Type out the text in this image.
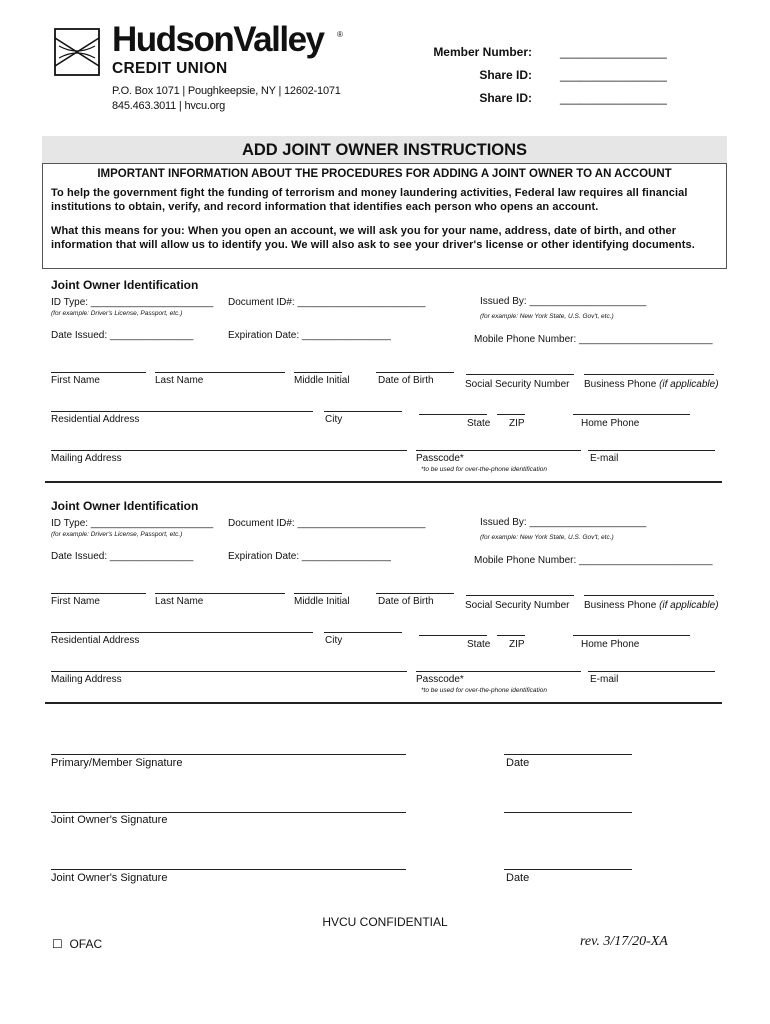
HudsonValley ®
CREDIT UNION
P.O. Box 1071 | Poughkeepsie, NY | 12602-1071
845.463.3011 | hvcu.org
Member Number: ________________
Share ID: ________________
Share ID: ________________
ADD JOINT OWNER INSTRUCTIONS
IMPORTANT INFORMATION ABOUT THE PROCEDURES FOR ADDING A JOINT OWNER TO AN ACCOUNT
To help the government fight the funding of terrorism and money laundering activities, Federal law requires all financial institutions to obtain, verify, and record information that identifies each person who opens an account.
What this means for you: When you open an account, we will ask you for your name, address, date of birth, and other information that will allow us to identify you. We will also ask to see your driver's license or other identifying documents.
Joint Owner Identification
ID Type: ______________________
(for example: Driver's License, Passport, etc.)
Document ID#: _______________________	Issued By: _____________________
(for example: New York State, U.S. Gov't, etc.)
Date Issued: _______________	Expiration Date: ________________	Mobile Phone Number: ________________________
First Name	Last Name	Middle Initial	Date of Birth	Social Security Number Business Phone (if applicable)
Residential Address	City	State ZIP	Home Phone
Mailing Address	Passcode*
*to be used for over-the-phone identification
E-mail
Joint Owner Identification
ID Type: ______________________
(for example: Driver's License, Passport, etc.)
Document ID#: _______________________	Issued By: _____________________
(for example: New York State, U.S. Gov't, etc.)
Date Issued: _______________	Expiration Date: ________________	Mobile Phone Number: ________________________
First Name	Last Name	Middle Initial	Date of Birth	Social Security Number Business Phone (if applicable)
Residential Address	City	State ZIP	Home Phone
Mailing Address	Passcode*
*to be used for over-the-phone identification
E-mail
Primary/Member Signature	Date
Joint Owner's Signature
Joint Owner's Signature	Date
HVCU CONFIDENTIAL
☐ OFAC	rev. 3/17/20-XA
